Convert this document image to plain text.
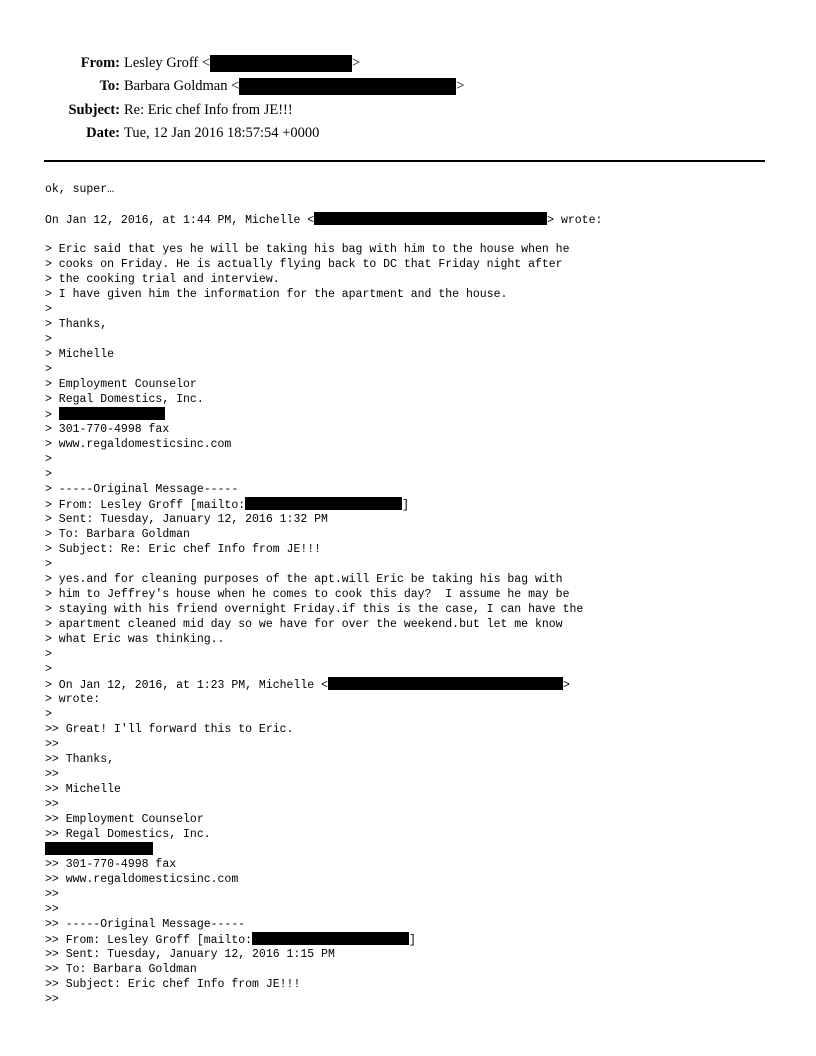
From: Lesley Groff <	>
To: Barbara Goldman <	>
Subject: Re: Eric chef Info from JE!!!
Date: Tue, 12 Jan 2016 18:57:54 +0000
ok, super…
On Jan 12, 2016, at 1:44 PM, Michelle <	> wrote:
> Eric said that yes he will be taking his bag with him to the house when he
> cooks on Friday. He is actually flying back to DC that Friday night after
> the cooking trial and interview.
> I have given him the information for the apartment and the house.
>
> Thanks,
>
> Michelle
>
> Employment Counselor
> Regal Domestics, Inc.
>
> 301-770-4998 fax
> www.regaldomesticsinc.com
>
>
> -----Original Message-----
> From: Lesley Groff [mailto:	]
> Sent: Tuesday, January 12, 2016 1:32 PM
> To: Barbara Goldman
> Subject: Re: Eric chef Info from JE!!!
>
> yes.and for cleaning purposes of the apt.will Eric be taking his bag with
> him to Jeffrey's house when he comes to cook this day?  I assume he may be
> staying with his friend overnight Friday.if this is the case, I can have the
> apartment cleaned mid day so we have for over the weekend.but let me know
> what Eric was thinking..
>
>
> On Jan 12, 2016, at 1:23 PM, Michelle <	>
> wrote:
>
>> Great! I'll forward this to Eric.
>>
>> Thanks,
>>
>> Michelle
>>
>> Employment Counselor
>> Regal Domestics, Inc.
>> 301-770-4998 fax
>> www.regaldomesticsinc.com
>>
>>
>> -----Original Message-----
>> From: Lesley Groff [mailto:	]
>> Sent: Tuesday, January 12, 2016 1:15 PM
>> To: Barbara Goldman
>> Subject: Eric chef Info from JE!!!
>>
